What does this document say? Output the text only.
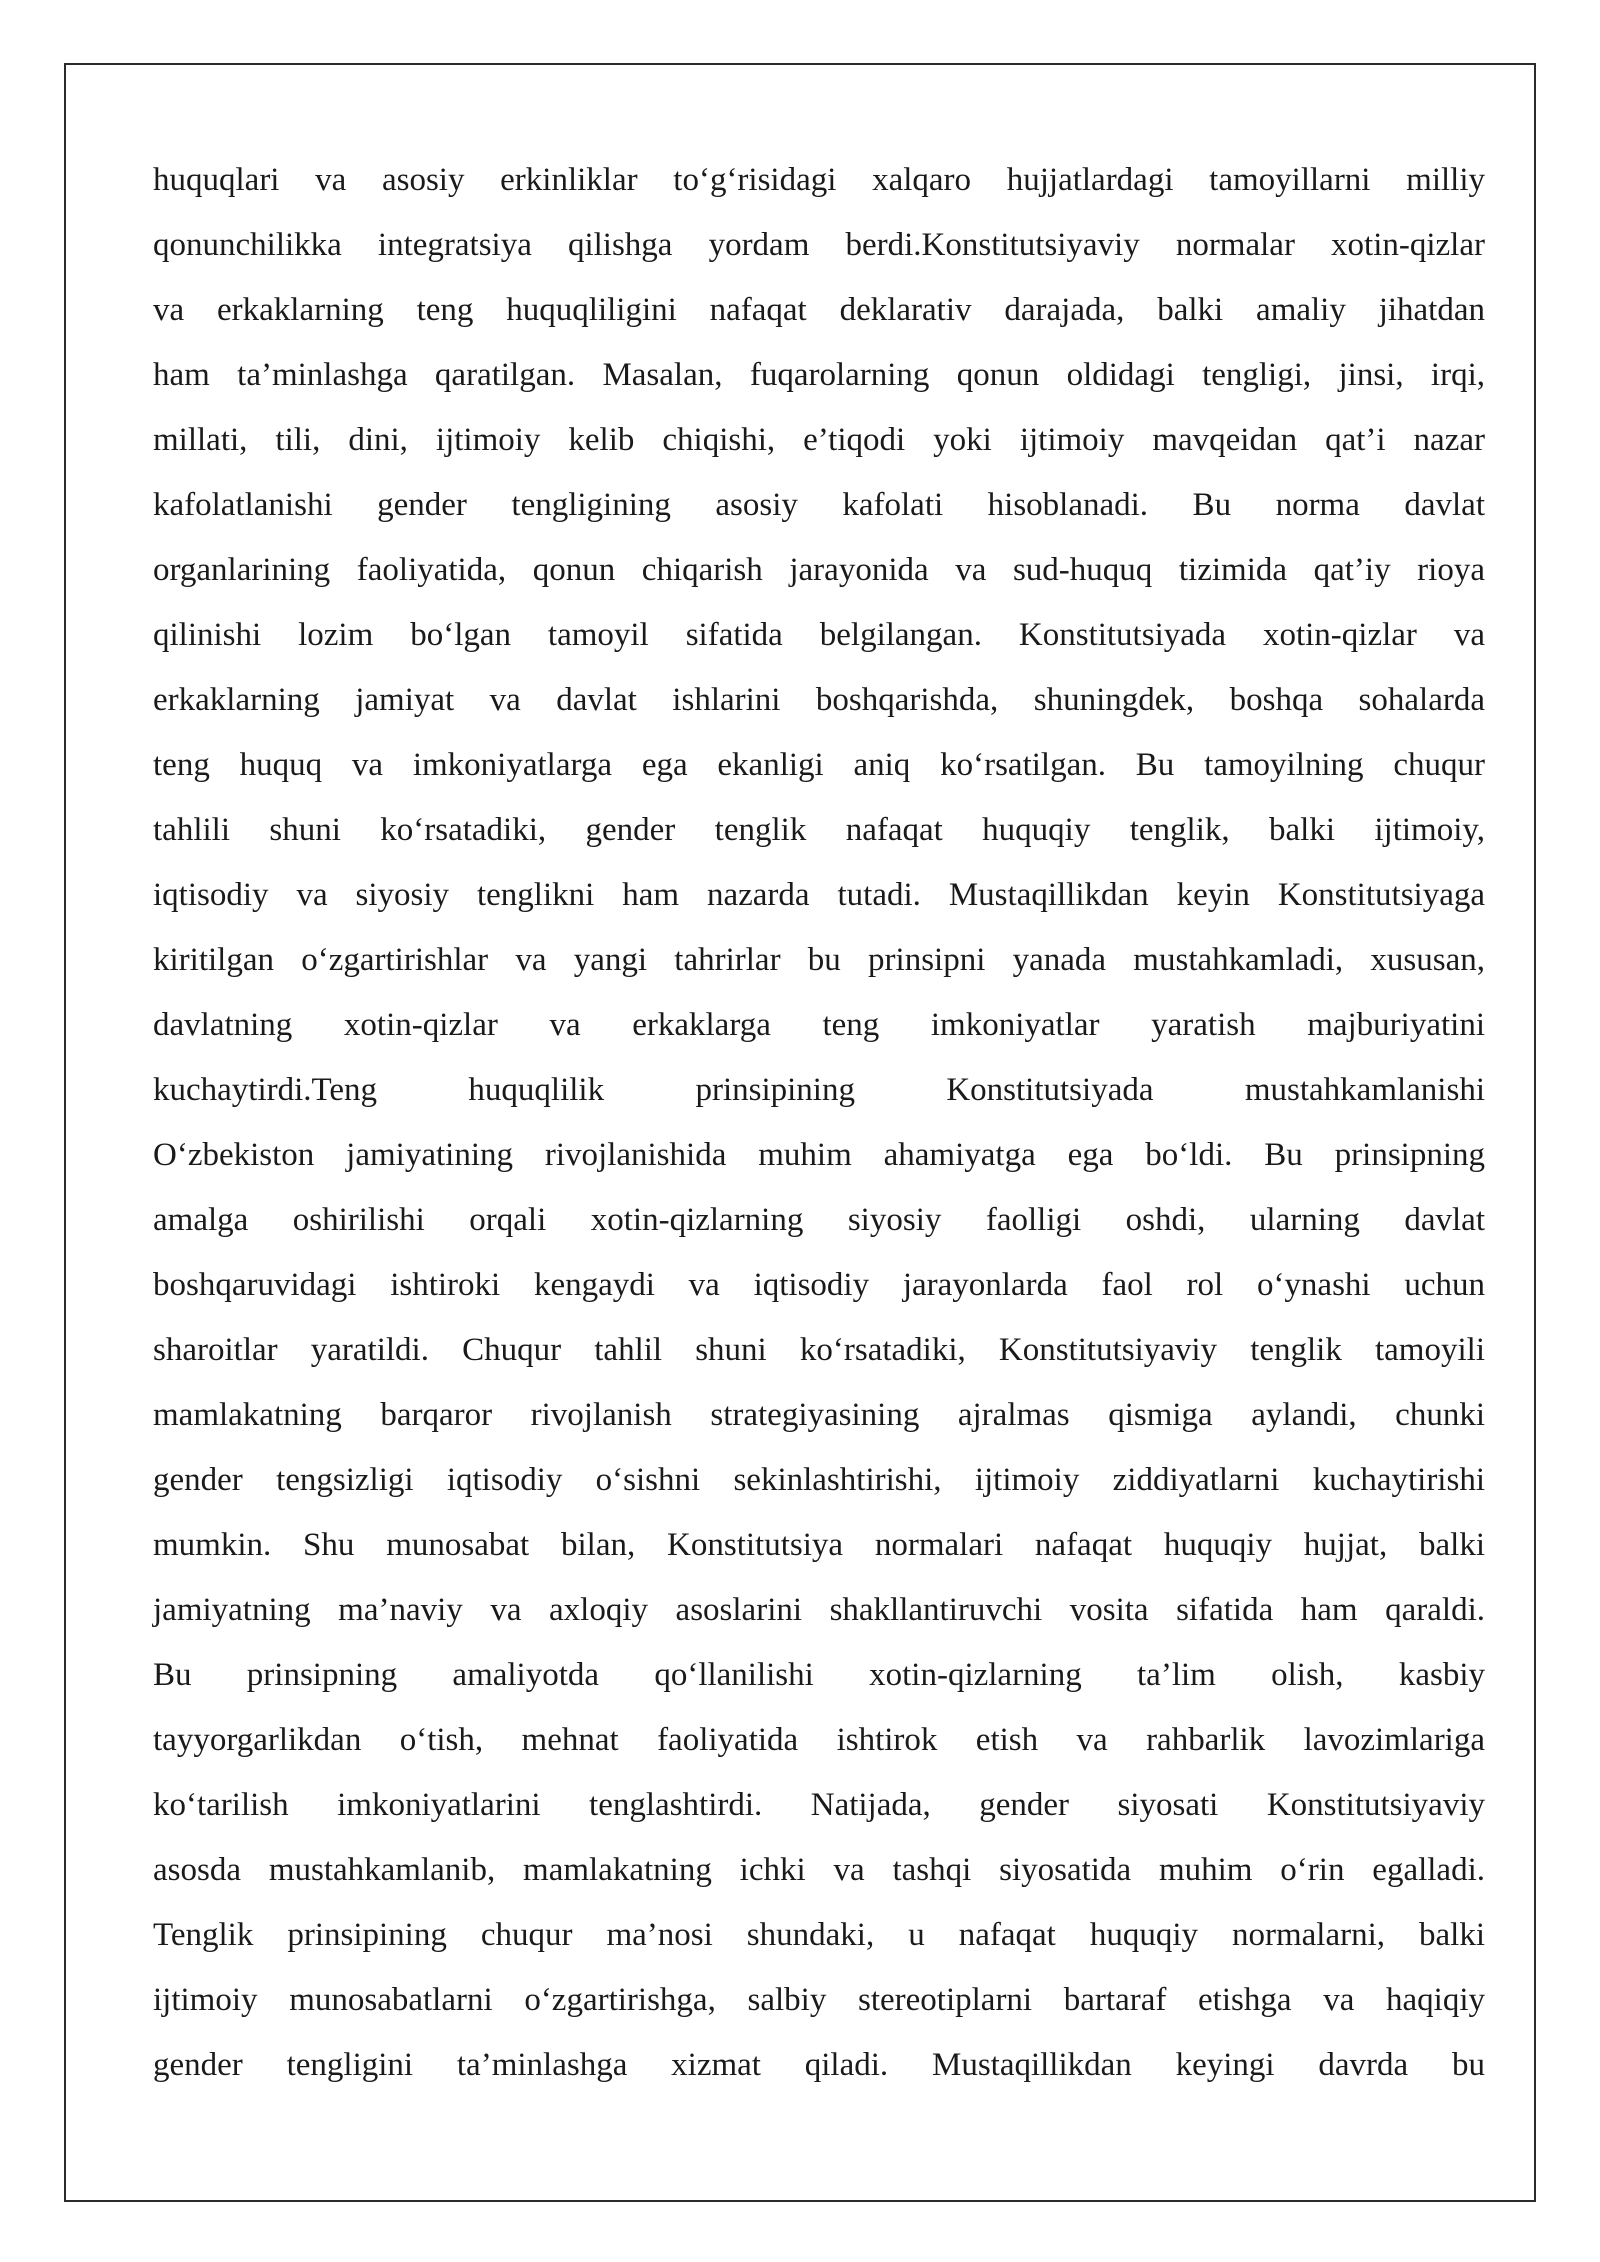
huquqlari va asosiy erkinliklar to‘g‘risidagi xalqaro hujjatlardagi tamoyillarni milliy
qonunchilikka integratsiya qilishga yordam berdi.Konstitutsiyaviy normalar xotin-qizlar
va erkaklarning teng huquqliligini nafaqat deklarativ darajada, balki amaliy jihatdan
ham ta’minlashga qaratilgan. Masalan, fuqarolarning qonun oldidagi tengligi, jinsi, irqi,
millati, tili, dini, ijtimoiy kelib chiqishi, e’tiqodi yoki ijtimoiy mavqeidan qat’i nazar
kafolatlanishi gender tengligining asosiy kafolati hisoblanadi. Bu norma davlat
organlarining faoliyatida, qonun chiqarish jarayonida va sud-huquq tizimida qat’iy rioya
qilinishi lozim bo‘lgan tamoyil sifatida belgilangan. Konstitutsiyada xotin-qizlar va
erkaklarning jamiyat va davlat ishlarini boshqarishda, shuningdek, boshqa sohalarda
teng huquq va imkoniyatlarga ega ekanligi aniq ko‘rsatilgan. Bu tamoyilning chuqur
tahlili shuni ko‘rsatadiki, gender tenglik nafaqat huquqiy tenglik, balki ijtimoiy,
iqtisodiy va siyosiy tenglikni ham nazarda tutadi. Mustaqillikdan keyin Konstitutsiyaga
kiritilgan o‘zgartirishlar va yangi tahrirlar bu prinsipni yanada mustahkamladi, xususan,
davlatning xotin-qizlar va erkaklarga teng imkoniyatlar yaratish majburiyatini
kuchaytirdi.Teng huquqlilik prinsipining Konstitutsiyada mustahkamlanishi
O‘zbekiston jamiyatining rivojlanishida muhim ahamiyatga ega bo‘ldi. Bu prinsipning
amalga oshirilishi orqali xotin-qizlarning siyosiy faolligi oshdi, ularning davlat
boshqaruvidagi ishtiroki kengaydi va iqtisodiy jarayonlarda faol rol o‘ynashi uchun
sharoitlar yaratildi. Chuqur tahlil shuni ko‘rsatadiki, Konstitutsiyaviy tenglik tamoyili
mamlakatning barqaror rivojlanish strategiyasining ajralmas qismiga aylandi, chunki
gender tengsizligi iqtisodiy o‘sishni sekinlashtirishi, ijtimoiy ziddiyatlarni kuchaytirishi
mumkin. Shu munosabat bilan, Konstitutsiya normalari nafaqat huquqiy hujjat, balki
jamiyatning ma’naviy va axloqiy asoslarini shakllantiruvchi vosita sifatida ham qaraldi.
Bu prinsipning amaliyotda qo‘llanilishi xotin-qizlarning ta’lim olish, kasbiy
tayyorgarlikdan o‘tish, mehnat faoliyatida ishtirok etish va rahbarlik lavozimlariga
ko‘tarilish imkoniyatlarini tenglashtirdi. Natijada, gender siyosati Konstitutsiyaviy
asosda mustahkamlanib, mamlakatning ichki va tashqi siyosatida muhim o‘rin egalladi.
Tenglik prinsipining chuqur ma’nosi shundaki, u nafaqat huquqiy normalarni, balki
ijtimoiy munosabatlarni o‘zgartirishga, salbiy stereotiplarni bartaraf etishga va haqiqiy
gender tengligini ta’minlashga xizmat qiladi. Mustaqillikdan keyingi davrda bu
